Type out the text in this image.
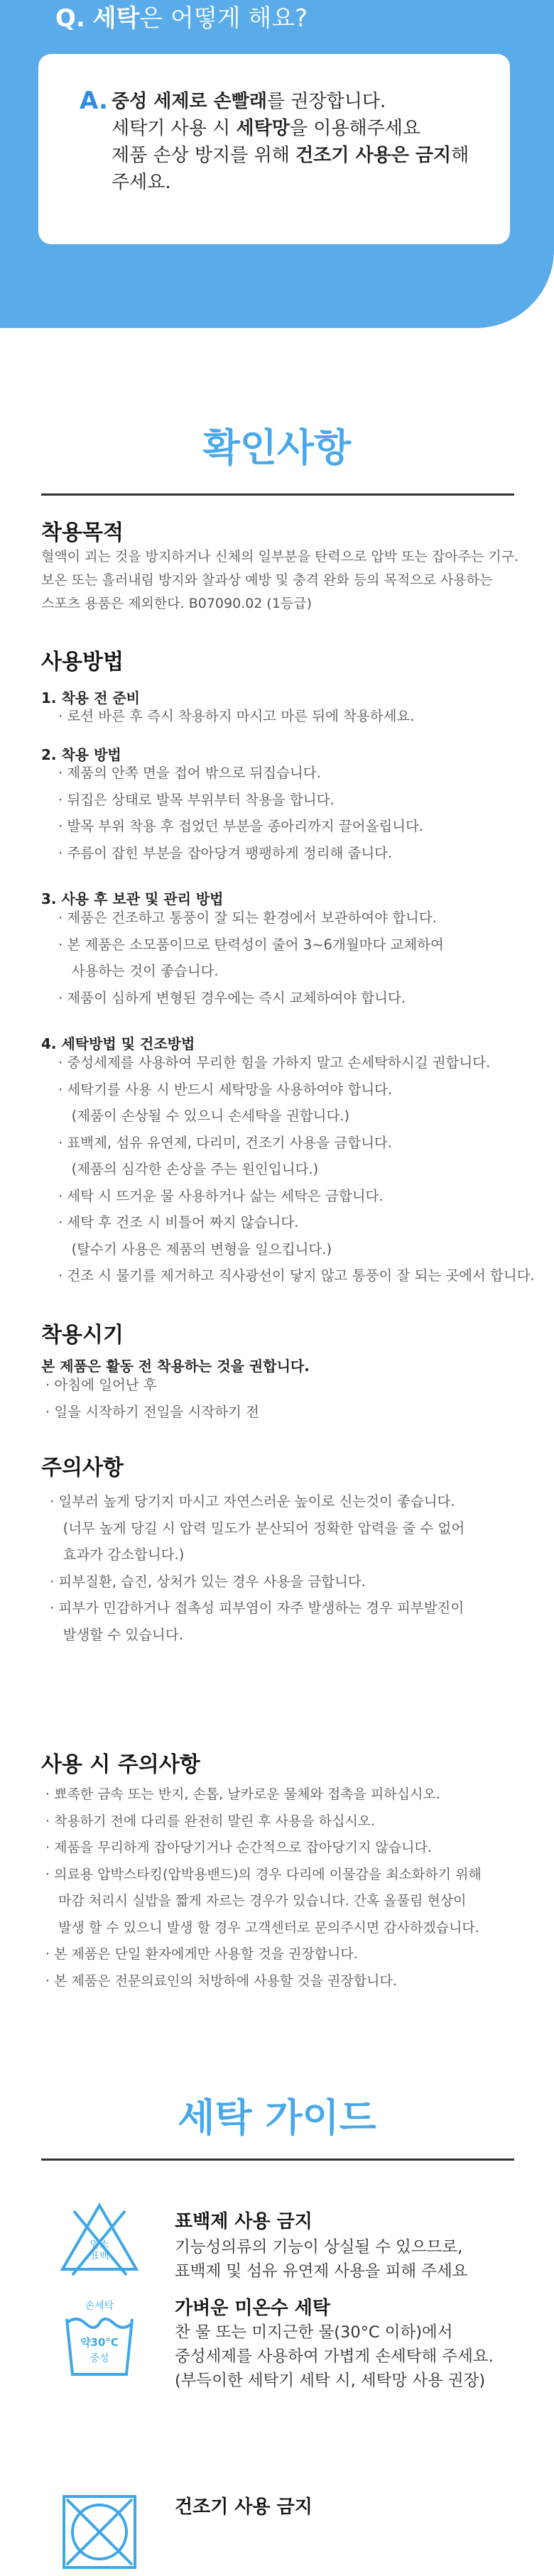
Q. 세탁은 어떻게 해요?
A. 중성 세제로 손빨래를 권장합니다.
세탁기 사용 시 세탁망을 이용해주세요
제품 손상 방지를 위해 건조기 사용은 금지해
주세요.
확인사항
착용목적
혈액이 괴는 것을 방지하거나 신체의 일부분을 탄력으로 압박 또는 잡아주는 기구.
보온 또는 흘러내림 방지와 찰과상 예방 및 충격 완화 등의 목적으로 사용하는
스포츠 용품은 제외한다. B07090.02 (1등급)
사용방법
1. 착용 전 준비
· 로션 바른 후 즉시 착용하지 마시고 마른 뒤에 착용하세요.
2. 착용 방법
· 제품의 안쪽 면을 접어 밖으로 뒤집습니다.
· 뒤집은 상태로 발목 부위부터 착용을 합니다.
· 발목 부위 착용 후 접었던 부분을 종아리까지 끌어올립니다.
· 주름이 잡힌 부분을 잡아당겨 팽팽하게 정리해 줍니다.
3. 사용 후 보관 및 관리 방법
· 제품은 건조하고 통풍이 잘 되는 환경에서 보관하여야 합니다.
· 본 제품은 소모품이므로 탄력성이 줄어 3~6개월마다 교체하여
사용하는 것이 좋습니다.
· 제품이 심하게 변형된 경우에는 즉시 교체하여야 합니다.
4. 세탁방법 및 건조방법
· 중성세제를 사용하여 무리한 힘을 가하지 말고 손세탁하시길 권합니다.
· 세탁기를 사용 시 반드시 세탁망을 사용하여야 합니다.
(제품이 손상될 수 있으니 손세탁을 권합니다.)
· 표백제, 섬유 유연제, 다리미, 건조기 사용을 금합니다.
(제품의 심각한 손상을 주는 원인입니다.)
· 세탁 시 뜨거운 물 사용하거나 삶는 세탁은 금합니다.
· 세탁 후 건조 시 비틀어 짜지 않습니다.
(탈수기 사용은 제품의 변형을 일으킵니다.)
· 건조 시 물기를 제거하고 직사광선이 닿지 않고 통풍이 잘 되는 곳에서 합니다.
착용시기
본 제품은 활동 전 착용하는 것을 권합니다.
· 아침에 일어난 후
· 일을 시작하기 전일을 시작하기 전
주의사항
· 일부러 높게 당기지 마시고 자연스러운 높이로 신는것이 좋습니다.
(너무 높게 당길 시 압력 밀도가 분산되어 정확한 압력을 줄 수 없어
효과가 감소합니다.)
· 피부질환, 습진, 상처가 있는 경우 사용을 금합니다.
· 피부가 민감하거나 접촉성 피부염이 자주 발생하는 경우 피부발진이
발생할 수 있습니다.
사용 시 주의사항
· 뾰족한 금속 또는 반지, 손톱, 날카로운 물체와 접촉을 피하십시오.
· 착용하기 전에 다리를 완전히 말린 후 사용을 하십시오.
· 제품을 무리하게 잡아당기거나 순간적으로 잡아당기지 않습니다.
· 의료용 압박스타킹(압박용밴드)의 경우 다리에 이물감을 최소화하기 위해
마감 처리시 실밥을 짧게 자르는 경우가 있습니다. 간혹 올풀림 현상이
발생 할 수 있으니 발생 할 경우 고객센터로 문의주시면 감사하겠습니다.
· 본 제품은 단일 환자에게만 사용할 것을 권장합니다.
· 본 제품은 전문의료인의 처방하에 사용할 것을 권장합니다.
세탁 가이드
염소
표백
표백제 사용 금지
기능성의류의 기능이 상실될 수 있으므로,
표백제 및 섬유 유연제 사용을 피해 주세요
손세탁
약30°C
중성
가벼운 미온수 세탁
찬 물 또는 미지근한 물(30°C 이하)에서
중성세제를 사용하여 가볍게 손세탁해 주세요.
(부득이한 세탁기 세탁 시, 세탁망 사용 권장)
건조기 사용 금지
